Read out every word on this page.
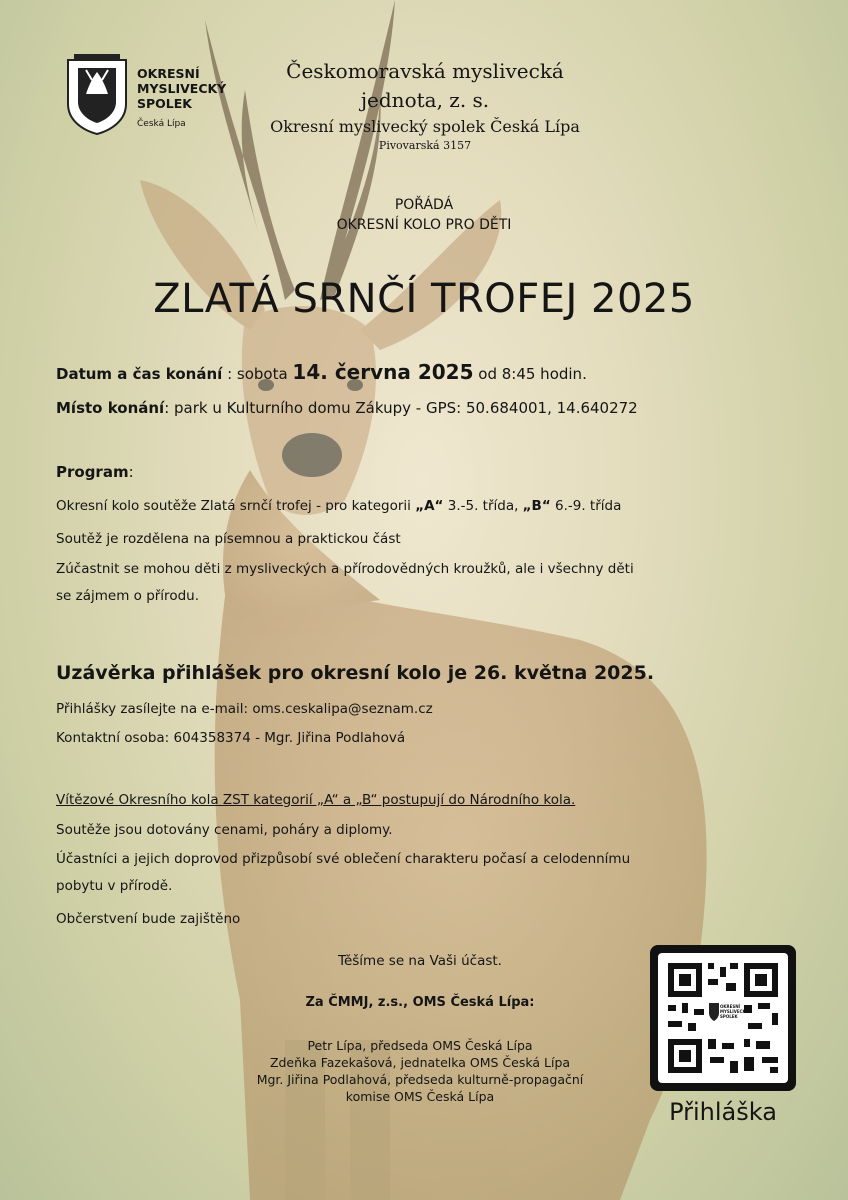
OKRESNÍ
MYSLIVECKÝ
SPOLEK
Česká Lípa
Českomoravská myslivecká
jednota, z. s.
Okresní myslivecký spolek Česká Lípa
Pivovarská 3157
POŘÁDÁ
OKRESNÍ KOLO PRO DĚTI
ZLATÁ SRNČÍ TROFEJ 2025
Datum a čas konání : sobota 14. června 2025 od 8:45 hodin.
Místo konání: park u Kulturního domu Zákupy - GPS: 50.684001, 14.640272
Program:
Okresní kolo soutěže Zlatá srnčí trofej - pro kategorii „A“ 3.-5. třída, „B“ 6.-9. třída
Soutěž je rozdělena na písemnou a praktickou část
Zúčastnit se mohou děti z mysliveckých a přírodovědných kroužků, ale i všechny děti
se zájmem o přírodu.
Uzávěrka přihlášek pro okresní kolo je 26. května 2025.
Přihlášky zasílejte na e-mail: oms.ceskalipa@seznam.cz
Kontaktní osoba: 604358374 - Mgr. Jiřina Podlahová
Vítězové Okresního kola ZST kategorií „A“ a „B“ postupují do Národního kola.
Soutěže jsou dotovány cenami, poháry a diplomy.
Účastníci a jejich doprovod přizpůsobí své oblečení charakteru počasí a celodennímu
pobytu v přírodě.
Občerstvení bude zajištěno
Těšíme se na Vaši účast.
Za ČMMJ, z.s., OMS Česká Lípa:
Petr Lípa, předseda OMS Česká Lípa
Zdeňka Fazekašová, jednatelka OMS Česká Lípa
Mgr. Jiřina Podlahová, předseda kulturně-propagační
komise OMS Česká Lípa
OKRESNÍ
MYSLIVECKÝ
SPOLEK
Přihláška
